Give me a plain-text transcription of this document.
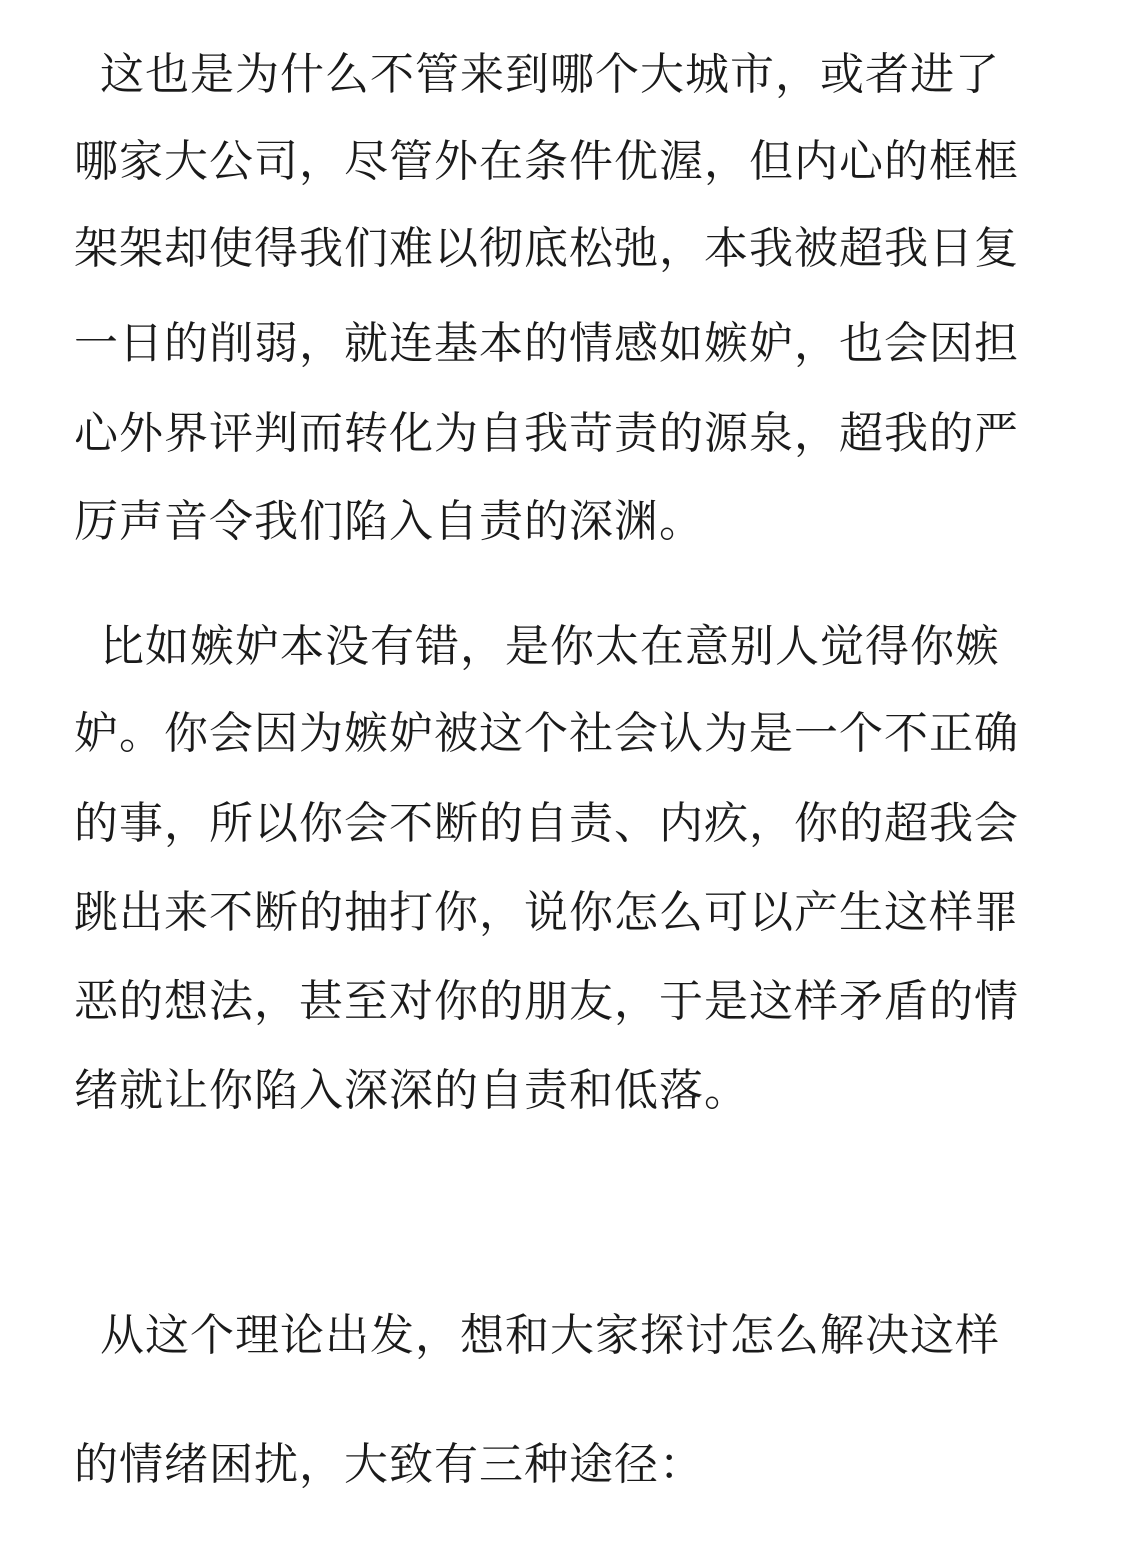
这也是为什么不管来到哪个大城市，或者进了

哪家大公司，尽管外在条件优渥，但内心的框框

架架却使得我们难以彻底松弛，本我被超我日复

一日的削弱，就连基本的情感如嫉妒，也会因担

心外界评判而转化为自我苛责的源泉，超我的严

厉声音令我们陷入自责的深渊。

比如嫉妒本没有错，是你太在意别人觉得你嫉

妒。你会因为嫉妒被这个社会认为是一个不正确

的事，所以你会不断的自责、内疚，你的超我会

跳出来不断的抽打你，说你怎么可以产生这样罪

恶的想法，甚至对你的朋友，于是这样矛盾的情

绪就让你陷入深深的自责和低落。

从这个理论出发，想和大家探讨怎么解决这样

的情绪困扰，大致有三种途径：
